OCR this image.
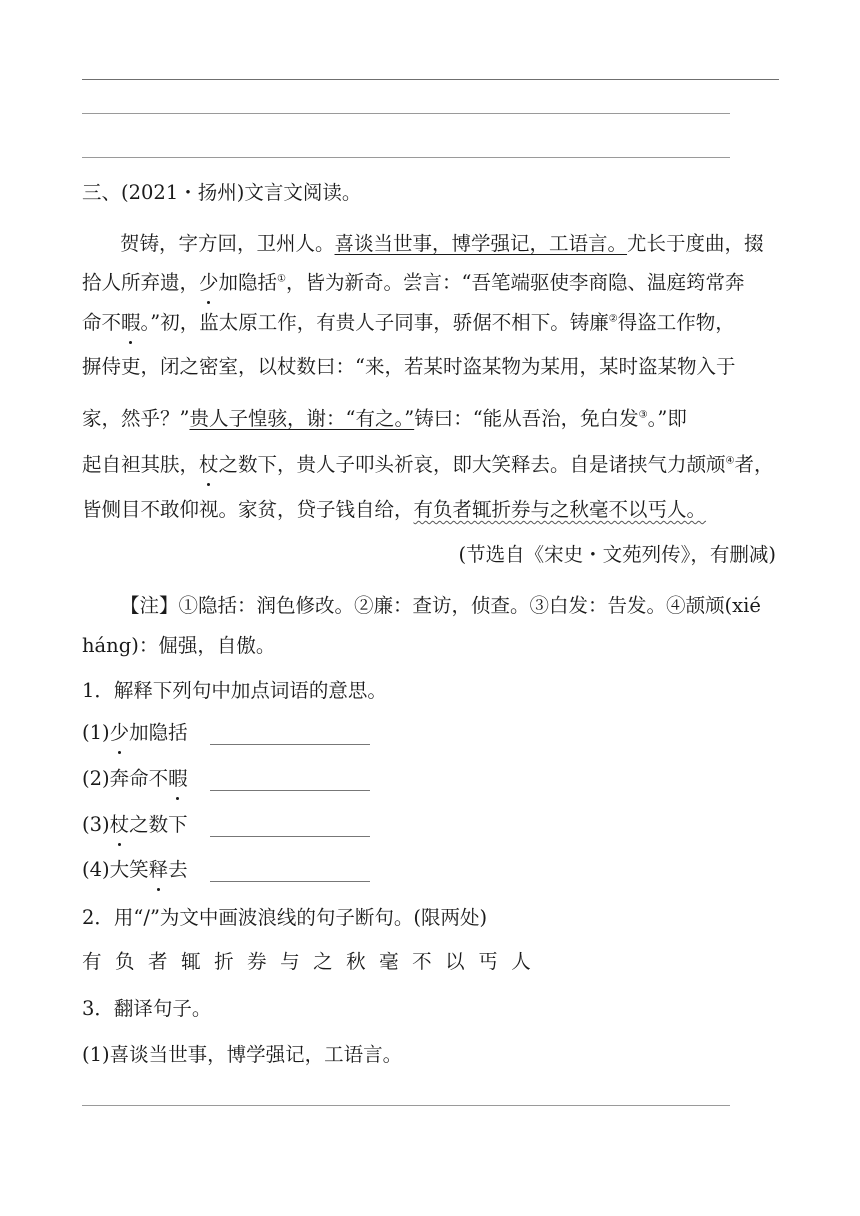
三、(2021・扬州)文言文阅读。
贺铸，字方回，卫州人。喜谈当世事，博学强记，工语言。尤长于度曲，掇
拾人所弃遗，少加隐括①，皆为新奇。尝言：“吾笔端驱使李商隐、温庭筠常奔
命不暇。”初，监太原工作，有贵人子同事，骄倨不相下。铸廉②得盗工作物，
摒侍吏，闭之密室，以杖数曰：“来，若某时盗某物为某用，某时盗某物入于
家，然乎？”贵人子惶骇，谢：“有之。”铸曰：“能从吾治，免白发③。”即
起自袒其肤，杖之数下，贵人子叩头祈哀，即大笑释去。自是诸挟气力颉颃④者，
皆侧目不敢仰视。家贫，贷子钱自给，有负者辄折券与之秋毫不以丐人。
(节选自《宋史・文苑列传》，有删减)
【注】①隐括：润色修改。②廉：查访，侦查。③白发：告发。④颉颃(xié
háng)：倔强，自傲。
1．解释下列句中加点词语的意思。
(1)少加隐括
(2)奔命不暇
(3)杖之数下
(4)大笑释去
2．用“/”为文中画波浪线的句子断句。(限两处)
有 负 者 辄 折 券 与 之 秋 毫 不 以 丐 人
3．翻译句子。
(1)喜谈当世事，博学强记，工语言。
